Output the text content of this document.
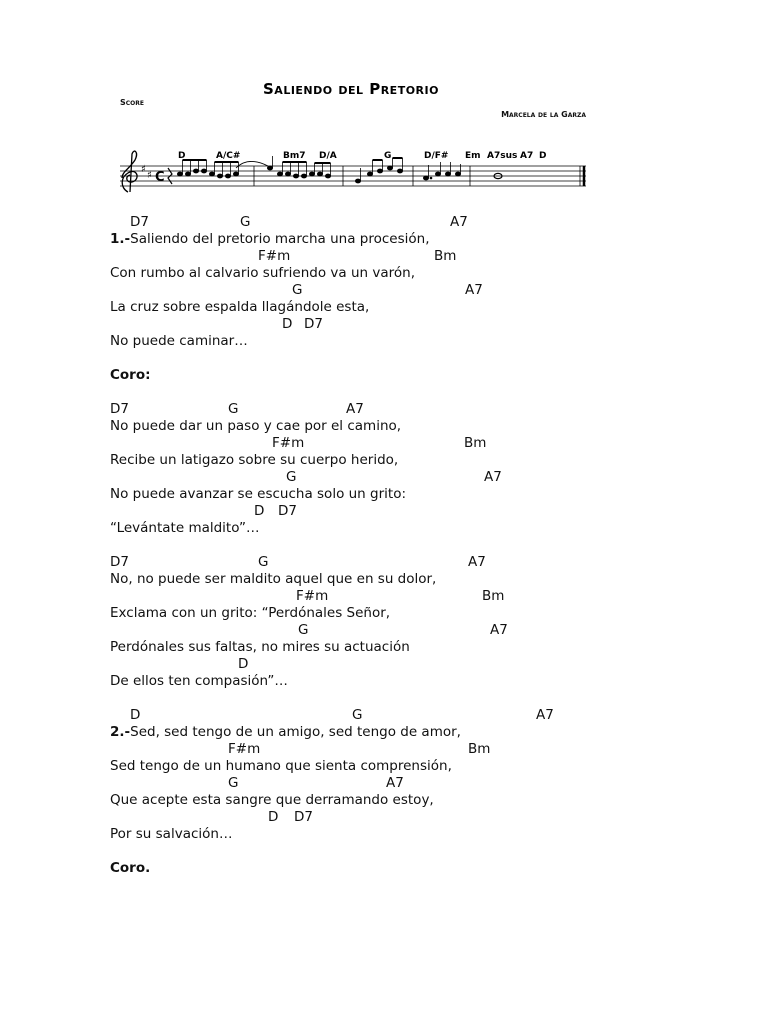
Saliendo del Pretorio
Score
Marcela de la Garza
D	A/C#	Bm7 D/A	G	D/F# Em A7sus A7 D
♯
♯ C

D7

	G

	A7

1.-Saliendo del pretorio marcha una procesión,

F#m

	Bm

Con rumbo al calvario sufriendo va un varón,

G

	A7

La cruz sobre espalda llagándole esta,

D

D7

No puede caminar…
Coro:

D7

	G

	A7

No puede dar un paso y cae por el camino,

F#m

	Bm

Recibe un latigazo sobre su cuerpo herido,

G

	A7

No puede avanzar se escucha solo un grito:

D

D7

“Levántate maldito”…

D7

	G

	A7

No, no puede ser maldito aquel que en su dolor,

F#m

	Bm

Exclama con un grito: “Perdónales Señor,

G

	A7

Perdónales sus faltas, no mires su actuación

D

De ellos ten compasión”…

D

	G

	A7

2.-Sed, sed tengo de un amigo, sed tengo de amor,

F#m

	Bm

Sed tengo de un humano que sienta comprensión,

G

	A7

Que acepte esta sangre que derramando estoy,

D

D7

Por su salvación…
Coro.
